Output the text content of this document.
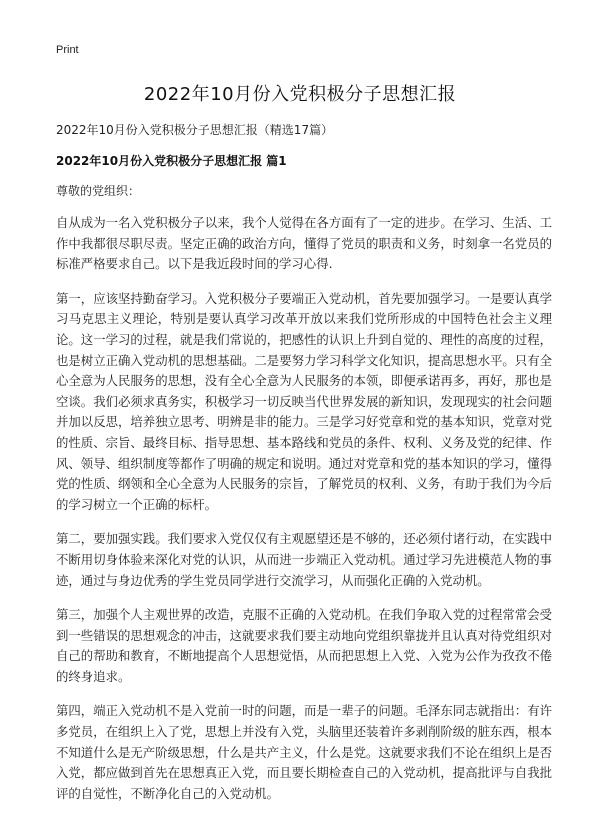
Print
2022年10月份入党积极分子思想汇报
2022年10月份入党积极分子思想汇报（精选17篇）
2022年10月份入党积极分子思想汇报 篇1
尊敬的党组织：

自从成为一名入党积极分子以来，我个人觉得在各方面有了一定的进步。在学习、生活、工作中我都很尽职尽责。坚定正确的政治方向，懂得了党员的职责和义务，时刻拿一名党员的标准严格要求自己。以下是我近段时间的学习心得.

第一，应该坚持勤奋学习。入党积极分子要端正入党动机，首先要加强学习。一是要认真学习马克思主义理论，特别是要认真学习改革开放以来我们党所形成的中国特色社会主义理论。这一学习的过程，就是我们常说的，把感性的认识上升到自觉的、理性的高度的过程，也是树立正确入党动机的思想基础。二是要努力学习科学文化知识，提高思想水平。只有全心全意为人民服务的思想，没有全心全意为人民服务的本领，即便承诺再多，再好，那也是空谈。我们必须求真务实，积极学习一切反映当代世界发展的新知识，发现现实的社会问题并加以反思，培养独立思考、明辨是非的能力。三是学习好党章和党的基本知识，党章对党的性质、宗旨、最终目标、指导思想、基本路线和党员的条件、权利、义务及党的纪律、作风、领导、组织制度等都作了明确的规定和说明。通过对党章和党的基本知识的学习，懂得党的性质、纲领和全心全意为人民服务的宗旨，了解党员的权利、义务，有助于我们为今后的学习树立一个正确的标杆。

第二，要加强实践。我们要求入党仅仅有主观愿望还是不够的，还必须付诸行动，在实践中不断用切身体验来深化对党的认识，从而进一步端正入党动机。通过学习先进模范人物的事迹，通过与身边优秀的学生党员同学进行交流学习，从而强化正确的入党动机。

第三，加强个人主观世界的改造，克服不正确的入党动机。在我们争取入党的过程常常会受到一些错误的思想观念的冲击，这就要求我们要主动地向党组织靠拢并且认真对待党组织对自己的帮助和教育，不断地提高个人思想觉悟，从而把思想上入党、入党为公作为孜孜不倦的终身追求。

第四，端正入党动机不是入党前一时的问题，而是一辈子的问题。毛泽东同志就指出：有许多党员，在组织上入了党，思想上并没有入党，头脑里还装着许多剥削阶级的脏东西，根本不知道什么是无产阶级思想，什么是共产主义，什么是党。这就要求我们不论在组织上是否入党，都应做到首先在思想真正入党，而且要长期检查自己的入党动机，提高批评与自我批评的自觉性，不断净化自己的入党动机。
